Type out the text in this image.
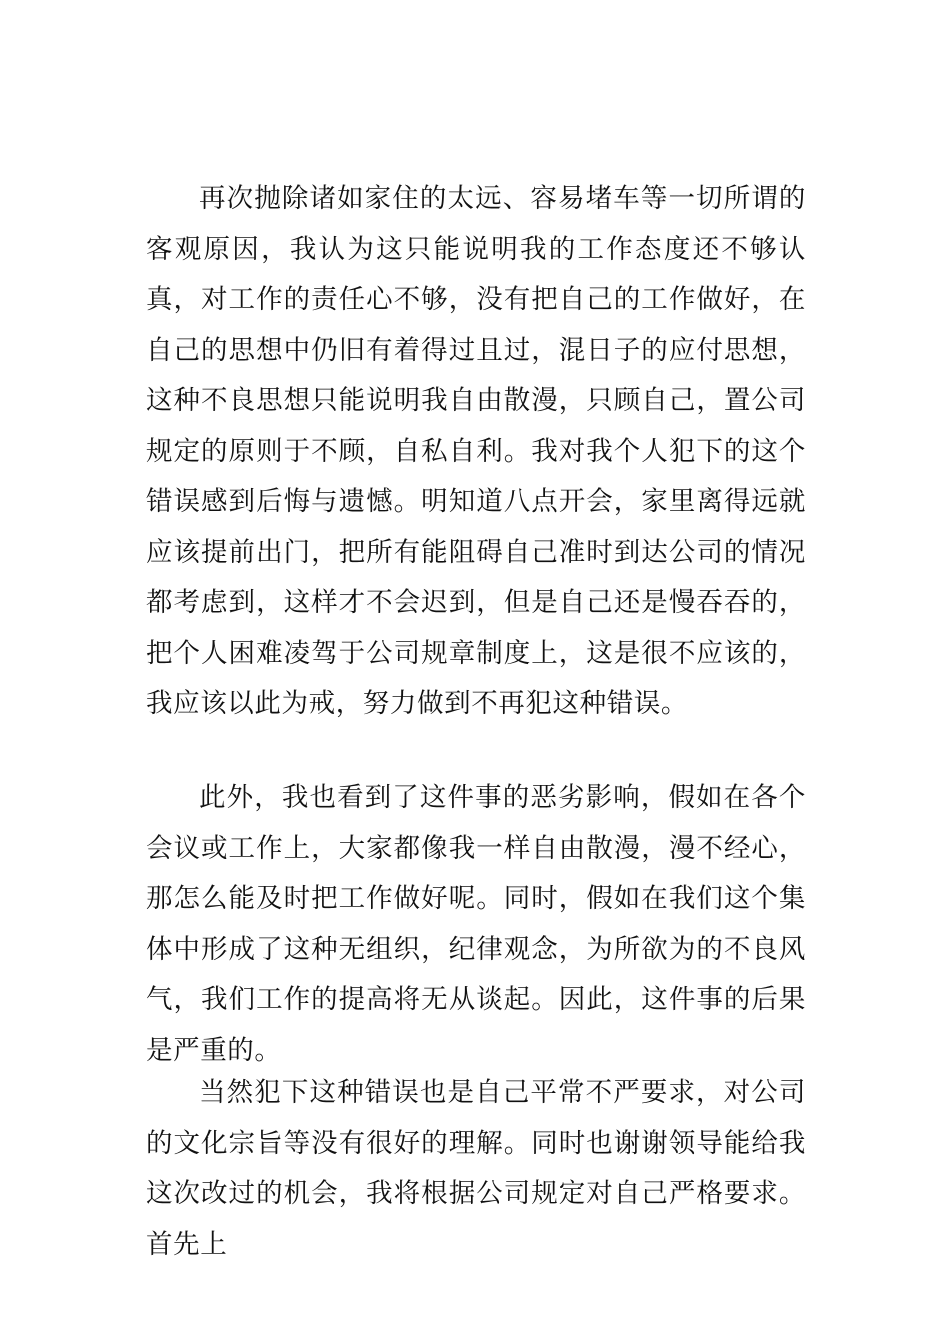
再次抛除诸如家住的太远、容易堵车等一切所谓的客观原因，我认为这只能说明我的工作态度还不够认真，对工作的责任心不够，没有把自己的工作做好，在自己的思想中仍旧有着得过且过，混日子的应付思想，这种不良思想只能说明我自由散漫，只顾自己，置公司规定的原则于不顾，自私自利。我对我个人犯下的这个错误感到后悔与遗憾。明知道八点开会，家里离得远就应该提前出门，把所有能阻碍自己准时到达公司的情况都考虑到，这样才不会迟到，但是自己还是慢吞吞的，把个人困难凌驾于公司规章制度上，这是很不应该的，我应该以此为戒，努力做到不再犯这种错误。

此外，我也看到了这件事的恶劣影响，假如在各个会议或工作上，大家都像我一样自由散漫，漫不经心，那怎么能及时把工作做好呢。同时，假如在我们这个集体中形成了这种无组织，纪律观念，为所欲为的不良风气，我们工作的提高将无从谈起。因此，这件事的后果是严重的。

当然犯下这种错误也是自己平常不严要求，对公司的文化宗旨等没有很好的理解。同时也谢谢领导能给我这次改过的机会，我将根据公司规定对自己严格要求。首先上
